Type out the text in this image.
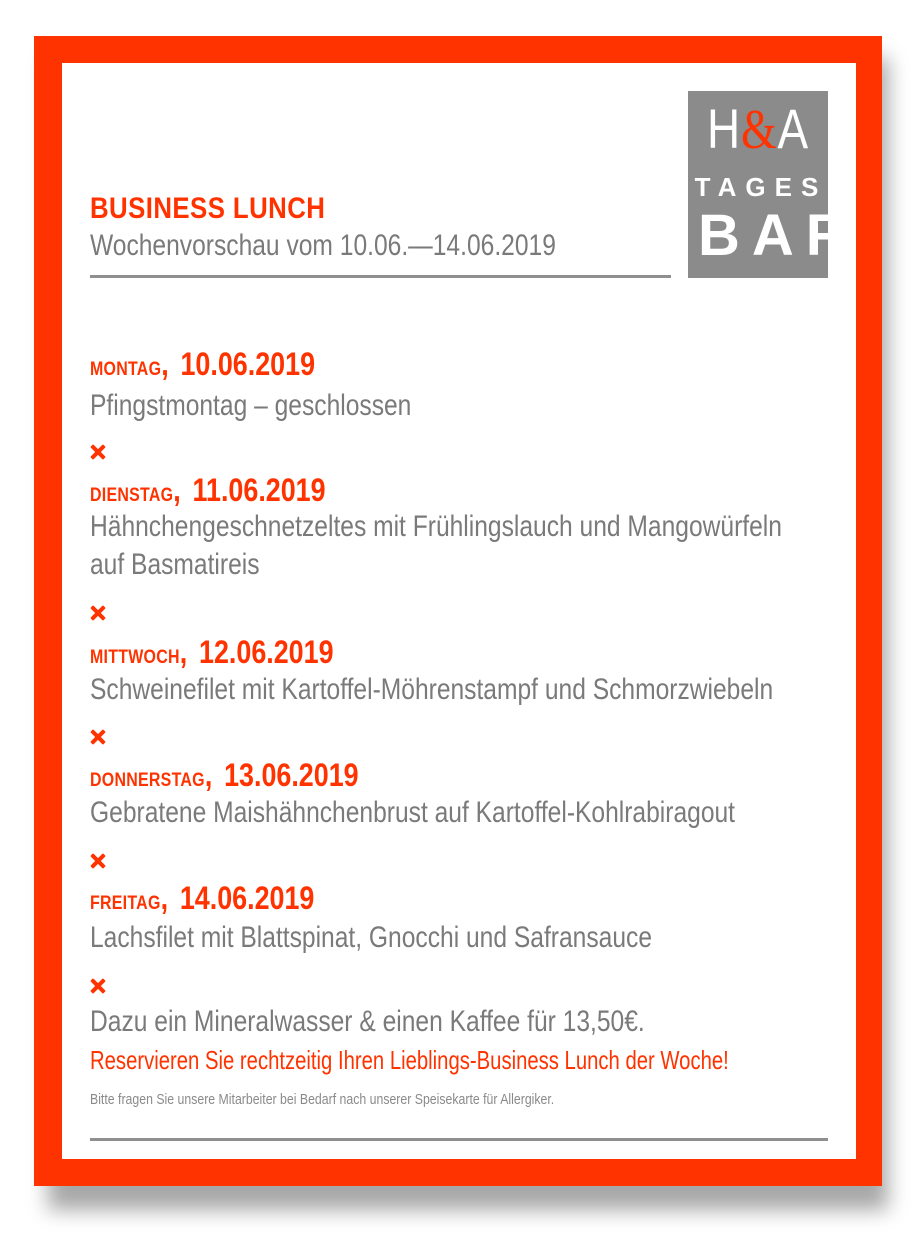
H&A
TAGES
BAR
BUSINESS LUNCH
Wochenvorschau vom 10.06.—14.06.2019
MONTAG, 10.06.2019
Pfingstmontag – geschlossen
DIENSTAG, 11.06.2019
Hähnchengeschnetzeltes mit Frühlingslauch und Mangowürfeln
auf Basmatireis
MITTWOCH, 12.06.2019
Schweinefilet mit Kartoffel-Möhrenstampf und Schmorzwiebeln
DONNERSTAG, 13.06.2019
Gebratene Maishähnchenbrust auf Kartoffel-Kohlrabiragout
FREITAG, 14.06.2019
Lachsfilet mit Blattspinat, Gnocchi und Safransauce
Dazu ein Mineralwasser & einen Kaffee für 13,50€.
Reservieren Sie rechtzeitig Ihren Lieblings-Business Lunch der Woche!
Bitte fragen Sie unsere Mitarbeiter bei Bedarf nach unserer Speisekarte für Allergiker.
